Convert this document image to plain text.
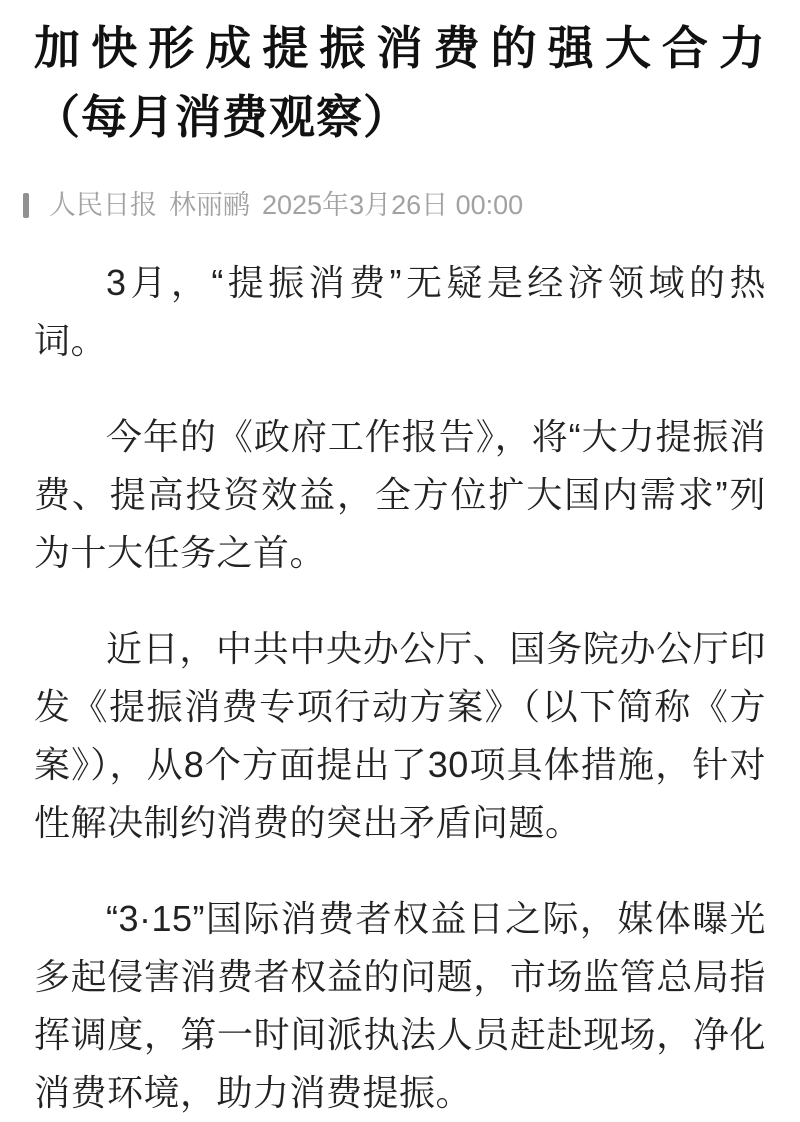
加快形成提振消费的强大合力
（每月消费观察）
人民日报 林丽鹂 2025年3月26日 00:00

3月，“提振消费”无疑是经济领域的热词。

今年的《政府工作报告》，将“大力提振消费、提高投资效益，全方位扩大国内需求”列为十大任务之首。

近日，中共中央办公厅、国务院办公厅印发《提振消费专项行动方案》（以下简称《方案》），从8个方面提出了30项具体措施，针对性解决制约消费的突出矛盾问题。

“3·15”国际消费者权益日之际，媒体曝光多起侵害消费者权益的问题，市场监管总局指挥调度，第一时间派执法人员赶赴现场，净化消费环境，助力消费提振。
